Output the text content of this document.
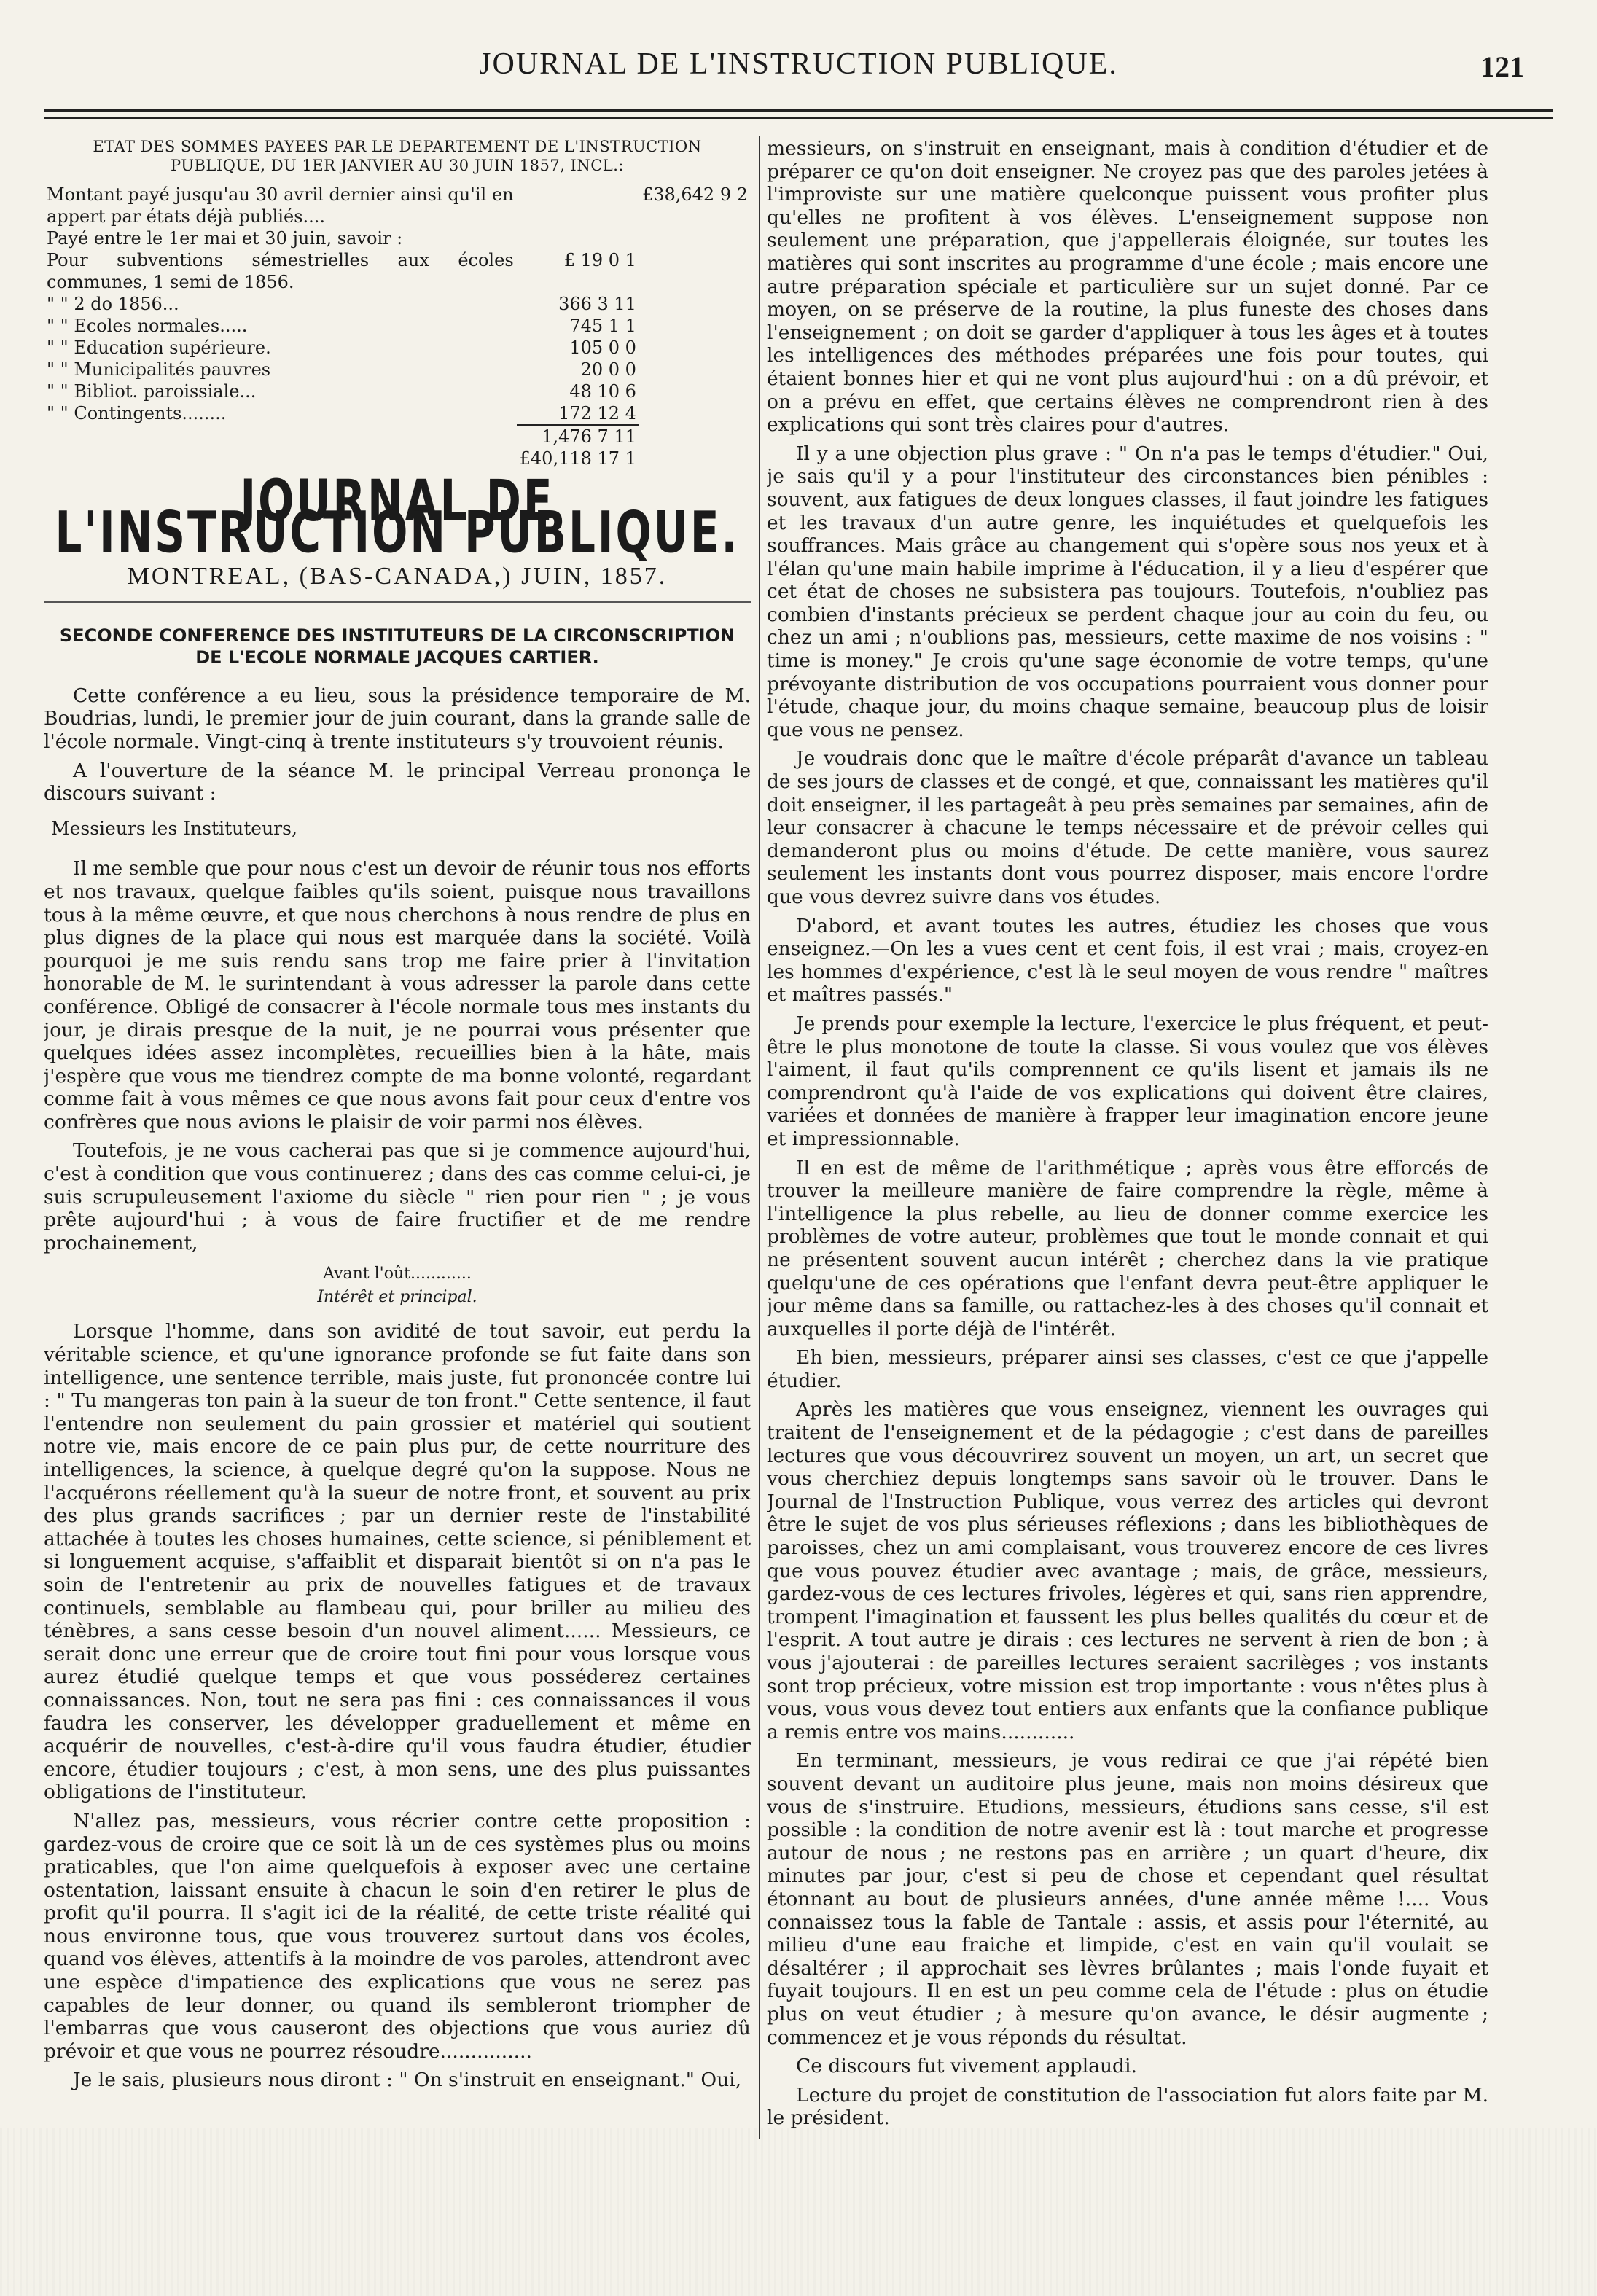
JOURNAL DE L'INSTRUCTION PUBLIQUE.	121
ETAT DES SOMMES PAYEES PAR LE DEPARTEMENT DE L'INSTRUCTION PUBLIQUE, DU 1ER JANVIER AU 30 JUIN 1857, INCL.:
Montant payé jusqu'au 30 avril dernier ainsi qu'il en appert par états déjà publiés....		£38,642 9 2
Payé entre le 1er mai et 30 juin, savoir :		
Pour subventions sémestrielles aux écoles communes, 1 semi de 1856.	£ 19 0 1	
" " 2 do 1856...	366 3 11	
" " Ecoles normales.....	745 1 1	
" " Education supérieure.	105 0 0	
" " Municipalités pauvres	20 0 0	
" " Bibliot. paroissiale...	48 10 6	
" " Contingents........	172 12 4	
	1,476 7 11	
	£40,118 17 1	
JOURNAL DE L'INSTRUCTION PUBLIQUE.
MONTREAL, (BAS-CANADA,) JUIN, 1857.
SECONDE CONFERENCE DES INSTITUTEURS DE LA CIRCONSCRIPTION DE L'ECOLE NORMALE JACQUES CARTIER.

Cette conférence a eu lieu, sous la présidence temporaire de M. Boudrias, lundi, le premier jour de juin courant, dans la grande salle de l'école normale. Vingt-cinq à trente instituteurs s'y trouvoient réunis.

A l'ouverture de la séance M. le principal Verreau prononça le discours suivant :

Messieurs les Instituteurs,

Il me semble que pour nous c'est un devoir de réunir tous nos efforts et nos travaux, quelque faibles qu'ils soient, puisque nous travaillons tous à la même œuvre, et que nous cherchons à nous rendre de plus en plus dignes de la place qui nous est marquée dans la société. Voilà pourquoi je me suis rendu sans trop me faire prier à l'invitation honorable de M. le surintendant à vous adresser la parole dans cette conférence. Obligé de consacrer à l'école normale tous mes instants du jour, je dirais presque de la nuit, je ne pourrai vous présenter que quelques idées assez incomplètes, recueillies bien à la hâte, mais j'espère que vous me tiendrez compte de ma bonne volonté, regardant comme fait à vous mêmes ce que nous avons fait pour ceux d'entre vos confrères que nous avions le plaisir de voir parmi nos élèves.

Toutefois, je ne vous cacherai pas que si je commence aujourd'hui, c'est à condition que vous continuerez ; dans des cas comme celui-ci, je suis scrupuleusement l'axiome du siècle " rien pour rien " ; je vous prête aujourd'hui ; à vous de faire fructifier et de me rendre prochainement,

Avant l'oût............

Intérêt et principal.

Lorsque l'homme, dans son avidité de tout savoir, eut perdu la véritable science, et qu'une ignorance profonde se fut faite dans son intelligence, une sentence terrible, mais juste, fut prononcée contre lui : " Tu mangeras ton pain à la sueur de ton front." Cette sentence, il faut l'entendre non seulement du pain grossier et matériel qui soutient notre vie, mais encore de ce pain plus pur, de cette nourriture des intelligences, la science, à quelque degré qu'on la suppose. Nous ne l'acquérons réellement qu'à la sueur de notre front, et souvent au prix des plus grands sacrifices ; par un dernier reste de l'instabilité attachée à toutes les choses humaines, cette science, si péniblement et si longuement acquise, s'affaiblit et disparait bientôt si on n'a pas le soin de l'entretenir au prix de nouvelles fatigues et de travaux continuels, semblable au flambeau qui, pour briller au milieu des ténèbres, a sans cesse besoin d'un nouvel aliment...... Messieurs, ce serait donc une erreur que de croire tout fini pour vous lorsque vous aurez étudié quelque temps et que vous posséderez certaines connaissances. Non, tout ne sera pas fini : ces connaissances il vous faudra les conserver, les développer graduellement et même en acquérir de nouvelles, c'est-à-dire qu'il vous faudra étudier, étudier encore, étudier toujours ; c'est, à mon sens, une des plus puissantes obligations de l'instituteur.

N'allez pas, messieurs, vous récrier contre cette proposition : gardez-vous de croire que ce soit là un de ces systèmes plus ou moins praticables, que l'on aime quelquefois à exposer avec une certaine ostentation, laissant ensuite à chacun le soin d'en retirer le plus de profit qu'il pourra. Il s'agit ici de la réalité, de cette triste réalité qui nous environne tous, que vous trouverez surtout dans vos écoles, quand vos élèves, attentifs à la moindre de vos paroles, attendront avec une espèce d'impatience des explications que vous ne serez pas capables de leur donner, ou quand ils sembleront triompher de l'embarras que vous causeront des objections que vous auriez dû prévoir et que vous ne pourrez résoudre...............

Je le sais, plusieurs nous diront : " On s'instruit en enseignant." Oui,

messieurs, on s'instruit en enseignant, mais à condition d'étudier et de préparer ce qu'on doit enseigner. Ne croyez pas que des paroles jetées à l'improviste sur une matière quelconque puissent vous profiter plus qu'elles ne profitent à vos élèves. L'enseignement suppose non seulement une préparation, que j'appellerais éloignée, sur toutes les matières qui sont inscrites au programme d'une école ; mais encore une autre préparation spéciale et particulière sur un sujet donné. Par ce moyen, on se préserve de la routine, la plus funeste des choses dans l'enseignement ; on doit se garder d'appliquer à tous les âges et à toutes les intelligences des méthodes préparées une fois pour toutes, qui étaient bonnes hier et qui ne vont plus aujourd'hui : on a dû prévoir, et on a prévu en effet, que certains élèves ne comprendront rien à des explications qui sont très claires pour d'autres.

Il y a une objection plus grave : " On n'a pas le temps d'étudier." Oui, je sais qu'il y a pour l'instituteur des circonstances bien pénibles : souvent, aux fatigues de deux longues classes, il faut joindre les fatigues et les travaux d'un autre genre, les inquiétudes et quelquefois les souffrances. Mais grâce au changement qui s'opère sous nos yeux et à l'élan qu'une main habile imprime à l'éducation, il y a lieu d'espérer que cet état de choses ne subsistera pas toujours. Toutefois, n'oubliez pas combien d'instants précieux se perdent chaque jour au coin du feu, ou chez un ami ; n'oublions pas, messieurs, cette maxime de nos voisins : " time is money." Je crois qu'une sage économie de votre temps, qu'une prévoyante distribution de vos occupations pourraient vous donner pour l'étude, chaque jour, du moins chaque semaine, beaucoup plus de loisir que vous ne pensez.

Je voudrais donc que le maître d'école préparât d'avance un tableau de ses jours de classes et de congé, et que, connaissant les matières qu'il doit enseigner, il les partageât à peu près semaines par semaines, afin de leur consacrer à chacune le temps nécessaire et de prévoir celles qui demanderont plus ou moins d'étude. De cette manière, vous saurez seulement les instants dont vous pourrez disposer, mais encore l'ordre que vous devrez suivre dans vos études.

D'abord, et avant toutes les autres, étudiez les choses que vous enseignez.—On les a vues cent et cent fois, il est vrai ; mais, croyez-en les hommes d'expérience, c'est là le seul moyen de vous rendre " maîtres et maîtres passés."

Je prends pour exemple la lecture, l'exercice le plus fréquent, et peut-être le plus monotone de toute la classe. Si vous voulez que vos élèves l'aiment, il faut qu'ils comprennent ce qu'ils lisent et jamais ils ne comprendront qu'à l'aide de vos explications qui doivent être claires, variées et données de manière à frapper leur imagination encore jeune et impressionnable.

Il en est de même de l'arithmétique ; après vous être efforcés de trouver la meilleure manière de faire comprendre la règle, même à l'intelligence la plus rebelle, au lieu de donner comme exercice les problèmes de votre auteur, problèmes que tout le monde connait et qui ne présentent souvent aucun intérêt ; cherchez dans la vie pratique quelqu'une de ces opérations que l'enfant devra peut-être appliquer le jour même dans sa famille, ou rattachez-les à des choses qu'il connait et auxquelles il porte déjà de l'intérêt.

Eh bien, messieurs, préparer ainsi ses classes, c'est ce que j'appelle étudier.

Après les matières que vous enseignez, viennent les ouvrages qui traitent de l'enseignement et de la pédagogie ; c'est dans de pareilles lectures que vous découvrirez souvent un moyen, un art, un secret que vous cherchiez depuis longtemps sans savoir où le trouver. Dans le Journal de l'Instruction Publique, vous verrez des articles qui devront être le sujet de vos plus sérieuses réflexions ; dans les bibliothèques de paroisses, chez un ami complaisant, vous trouverez encore de ces livres que vous pouvez étudier avec avantage ; mais, de grâce, messieurs, gardez-vous de ces lectures frivoles, légères et qui, sans rien apprendre, trompent l'imagination et faussent les plus belles qualités du cœur et de l'esprit. A tout autre je dirais : ces lectures ne servent à rien de bon ; à vous j'ajouterai : de pareilles lectures seraient sacrilèges ; vos instants sont trop précieux, votre mission est trop importante : vous n'êtes plus à vous, vous vous devez tout entiers aux enfants que la confiance publique a remis entre vos mains............

En terminant, messieurs, je vous redirai ce que j'ai répété bien souvent devant un auditoire plus jeune, mais non moins désireux que vous de s'instruire. Etudions, messieurs, étudions sans cesse, s'il est possible : la condition de notre avenir est là : tout marche et progresse autour de nous ; ne restons pas en arrière ; un quart d'heure, dix minutes par jour, c'est si peu de chose et cependant quel résultat étonnant au bout de plusieurs années, d'une année même !.... Vous connaissez tous la fable de Tantale : assis, et assis pour l'éternité, au milieu d'une eau fraiche et limpide, c'est en vain qu'il voulait se désaltérer ; il approchait ses lèvres brûlantes ; mais l'onde fuyait et fuyait toujours. Il en est un peu comme cela de l'étude : plus on étudie plus on veut étudier ; à mesure qu'on avance, le désir augmente ; commencez et je vous réponds du résultat.

Ce discours fut vivement applaudi.

Lecture du projet de constitution de l'association fut alors faite par M. le président.
